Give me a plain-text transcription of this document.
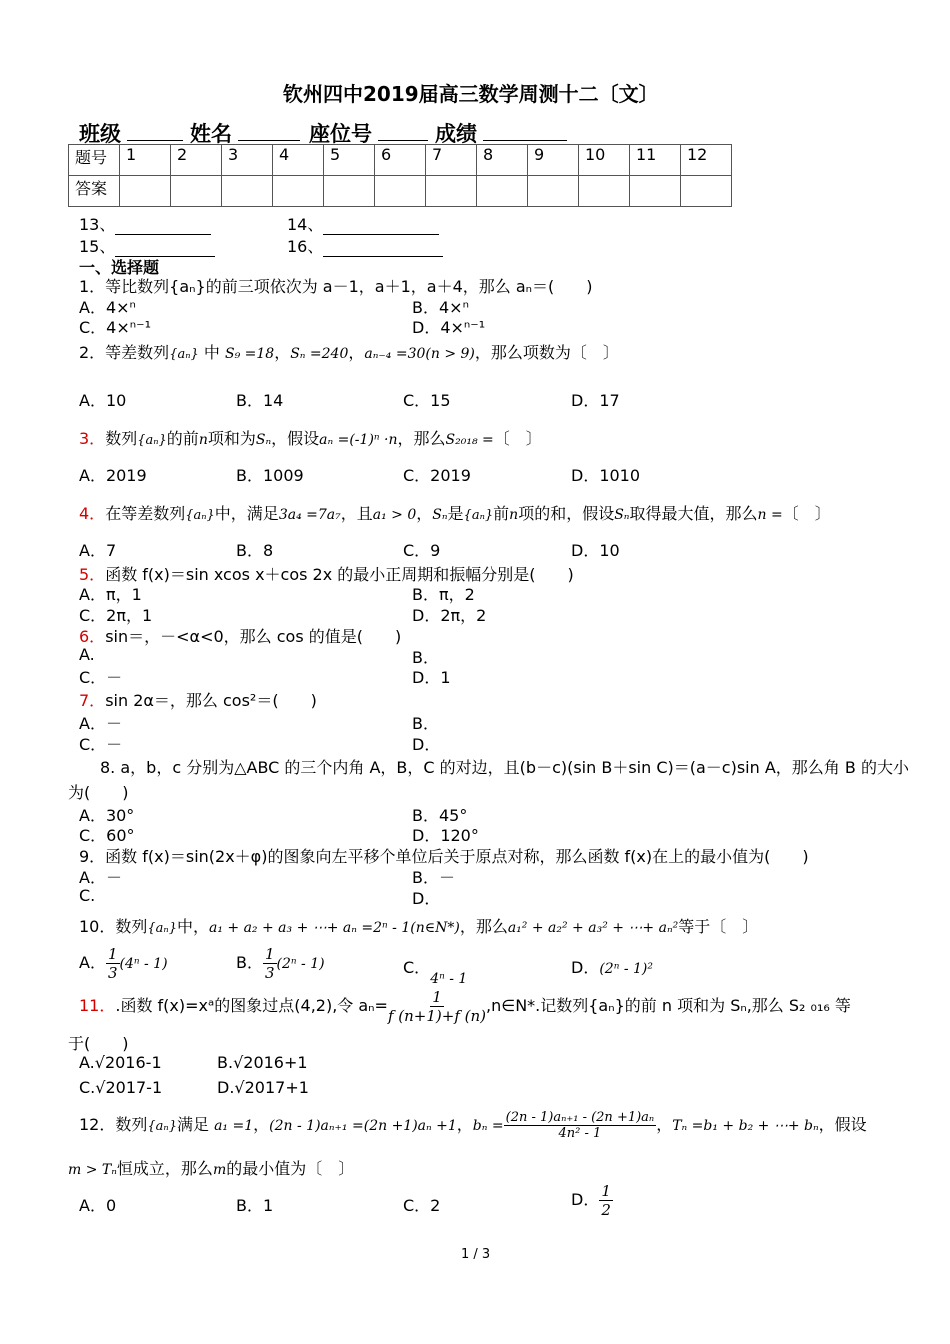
钦州四中2019届高三数学周测十二〔文〕
班级	姓名	座位号	成绩
题号	1	2	3	4	5	6	7	8	9	10	11	12
答案												
13、	14、
15、	16、
一、选择题
1．等比数列{aₙ}的前三项依次为 a－1，a＋1，a＋4，那么 aₙ＝(　　)
A．4×ⁿ	B．4×ⁿ
C．4×ⁿ⁻¹	D．4×ⁿ⁻¹
2．等差数列{aₙ} 中 S₉ =18，Sₙ =240，aₙ₋₄ =30(n > 9)，那么项数为〔　〕
A．10	B．14	C．15	D．17
3．数列{aₙ}的前n项和为Sₙ，假设aₙ =(-1)ⁿ ·n，那么S₂₀₁₈ =〔　〕
A．2019	B．1009	C．2019	D．1010
4．在等差数列{aₙ}中，满足3a₄ =7a₇，且a₁ > 0，Sₙ是{aₙ}前n项的和，假设Sₙ取得最大值，那么n =〔　〕
A．7	B．8	C．9	D．10
5．函数 f(x)＝sin xcos x＋cos 2x 的最小正周期和振幅分别是(　　)
A．π，1	B．π，2
C．2π，1	D．2π，2
6．sin＝，－<α<0，那么 cos 的值是(　　)
A.	B．
C．－	D．1
7．sin 2α＝，那么 cos²＝(　　)
A．－	B．
C．－	D．
8. a，b，c 分别为△ABC 的三个内角 A，B，C 的对边，且(b－c)(sin B＋sin C)＝(a－c)sin A，那么角 B 的大小
为(　　)
A．30°	B．45°
C．60°	D．120°
9．函数 f(x)＝sin(2x＋φ)的图象向左平移个单位后关于原点对称，那么函数 f(x)在上的最小值为(　　)
A．－	B．－
C.	D．
10．数列{aₙ}中，a₁ + a₂ + a₃ + ⋯+ aₙ =2ⁿ - 1(n∈N*)，那么a₁² + a₂² + a₃² + ⋯+ aₙ²等于〔　〕
A． $\frac{1}{3} (4^n - 1)$	B． $\frac{1}{3} (2^n - 1)$	C．4ⁿ - 1
D．(2ⁿ - 1)²
11．.函数 f(x)=xᵃ的图象过点(4,2),令 $a_n= \frac{1}{f (n+1)+f (n)}$ ,n∈N*.记数列{aₙ}的前 n 项和为 Sₙ,那么 S₂ ₀₁₆ 等
于(　　)
A.√2016-1	B.√2016+1
C.√2017-1	D.√2017+1
12．数列{aₙ}满足 a₁ =1，(2n - 1)aₙ₊₁ =(2n +1)aₙ +1，$b_n = \frac{\text{(2n - 1)aₙ₊₁ - (2n +1)aₙ}}{\text{4n² - 1}}$ ，Tₙ =b₁ + b₂ + ⋯+ bₙ，假设
m > Tₙ恒成立，那么m的最小值为〔　〕
A．0	B．1	C．2	D． $\frac{1}{2}$
1 / 3
